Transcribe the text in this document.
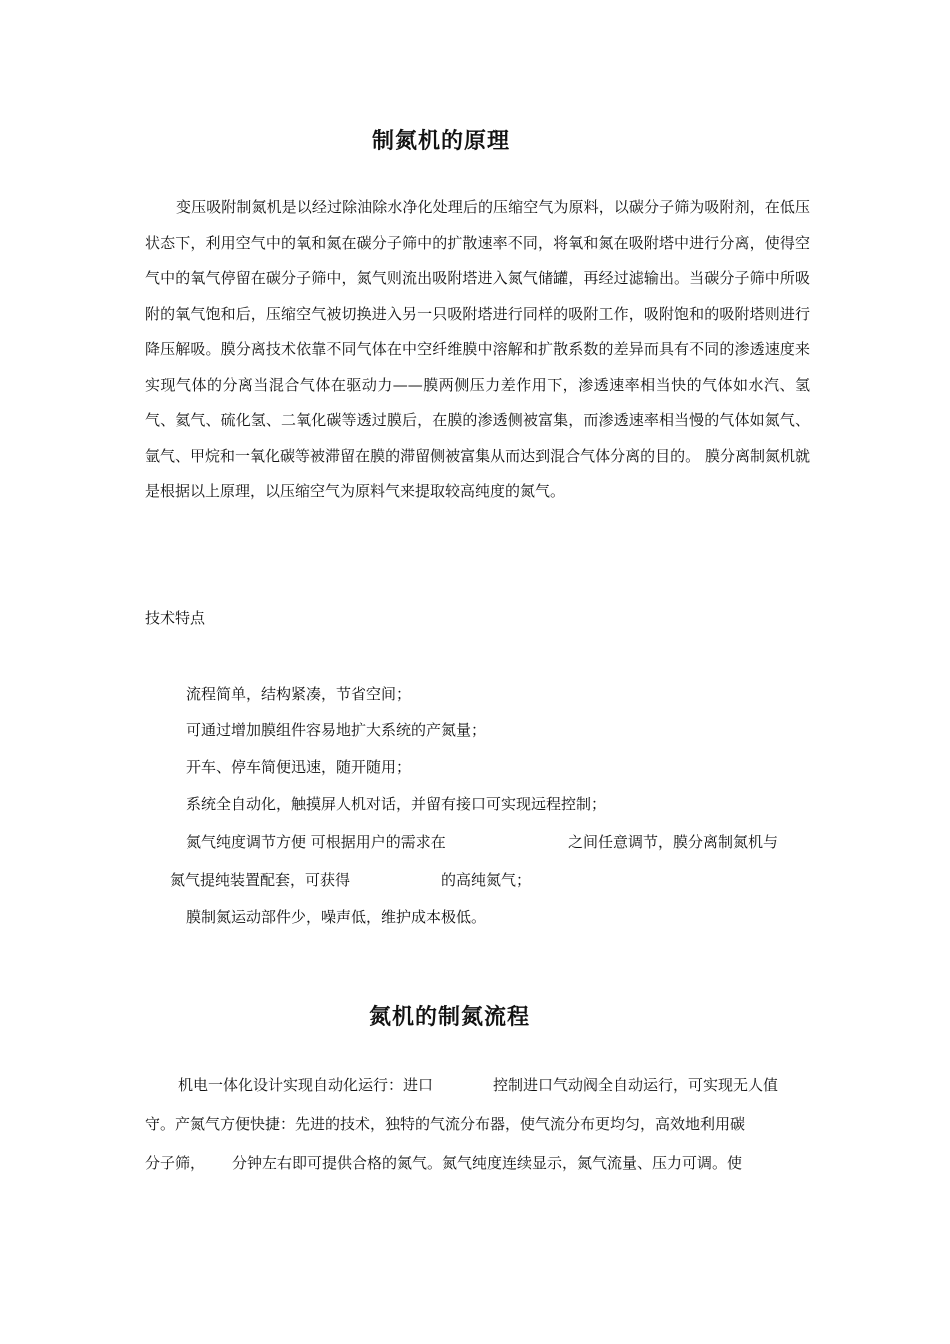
制氮机的原理
变压吸附制氮机是以经过除油除水净化处理后的压缩空气为原料，以碳分子筛为吸附剂，在低压状态下，利用空气中的氧和氮在碳分子筛中的扩散速率不同，将氧和氮在吸附塔中进行分离，使得空气中的氧气停留在碳分子筛中，氮气则流出吸附塔进入氮气储罐，再经过滤输出。当碳分子筛中所吸附的氧气饱和后，压缩空气被切换进入另一只吸附塔进行同样的吸附工作，吸附饱和的吸附塔则进行降压解吸。膜分离技术依靠不同气体在中空纤维膜中溶解和扩散系数的差异而具有不同的渗透速度来实现气体的分离当混合气体在驱动力——膜两侧压力差作用下，渗透速率相当快的气体如水汽、氢气、氦气、硫化氢、二氧化碳等透过膜后，在膜的渗透侧被富集，而渗透速率相当慢的气体如氮气、氩气、甲烷和一氧化碳等被滞留在膜的滞留侧被富集从而达到混合气体分离的目的。 膜分离制氮机就是根据以上原理，以压缩空气为原料气来提取较高纯度的氮气。
技术特点
流程简单，结构紧凑，节省空间；
可通过增加膜组件容易地扩大系统的产氮量；
开车、停车简便迅速，随开随用；
系统全自动化，触摸屏人机对话，并留有接口可实现远程控制；
氮气纯度调节方便 可根据用户的需求在	之间任意调节，膜分离制氮机与
氮气提纯装置配套，可获得	的高纯氮气；
膜制氮运动部件少，噪声低，维护成本极低。
氮机的制氮流程
机电一体化设计实现自动化运行：进口	控制进口气动阀全自动运行，可实现无人值
守。产氮气方便快捷：先进的技术，独特的气流分布器，使气流分布更均匀，高效地利用碳
分子筛， 分钟左右即可提供合格的氮气。氮气纯度连续显示，氮气流量、压力可调。使
